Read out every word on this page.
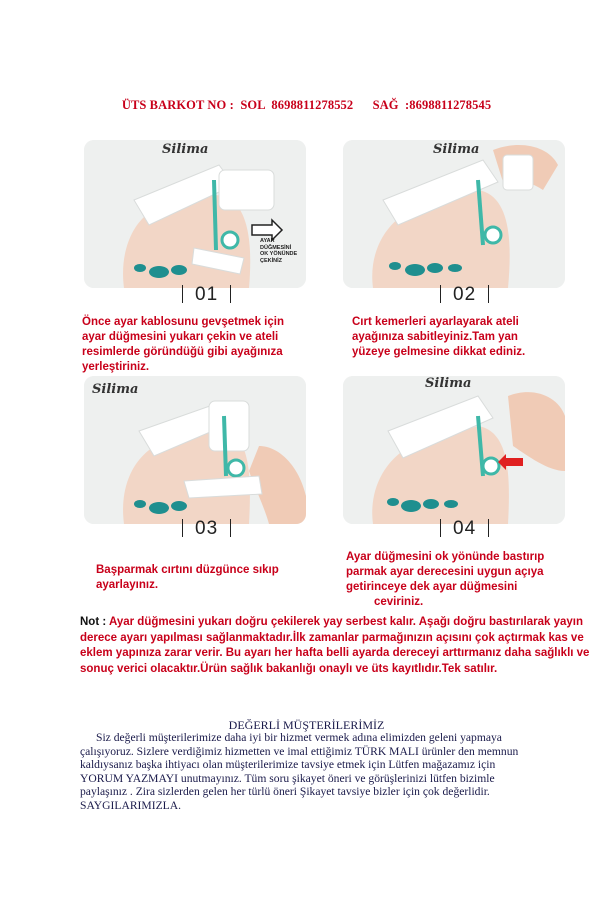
ÜTS BARKOT NO :  SOL  8698811278552      SAĞ  :8698811278545
Silima
AYAR
DÜĞMESİNİ
OK YÖNÜNDE
ÇEKİNİZ
Silima
01	02
Önce ayar kablosunu gevşetmek için
ayar düğmesini yukarı çekin ve ateli
resimlerde göründüğü gibi ayağınıza
yerleştiriniz.
Cırt kemerleri ayarlayarak ateli
ayağınıza sabitleyiniz.Tam yan
yüzeye gelmesine dikkat ediniz.
Silima	Silima
03	04
Başparmak cırtını düzgünce sıkıp
ayarlayınız.
Ayar düğmesini ok yönünde bastırıp
parmak ayar derecesini uygun açıya
getirinceye dek ayar düğmesini
ceviriniz.
Not : Ayar düğmesini yukarı doğru çekilerek yay serbest kalır. Aşağı doğru bastırılarak yayın derece ayarı yapılması sağlanmaktadır.İlk zamanlar parmağınızın açısını çok açtırmak kas ve eklem yapınıza zarar verir. Bu ayarı her hafta belli ayarda dereceyi arttırmanız daha sağlıklı ve sonuç verici olacaktır.Ürün sağlık bakanlığı onaylı ve üts kayıtlıdır.Tek satılır.
DEĞERLİ MÜŞTERİLERİMİZ

Siz değerli müşterilerimize daha iyi bir hizmet vermek adına elimizden geleni yapmaya

çalışıyoruz. Sizlere verdiğimiz hizmetten ve imal ettiğimiz TÜRK MALI ürünler den memnun

kaldıysanız başka ihtiyacı olan müşterilerimize tavsiye etmek için Lütfen mağazamız için

YORUM YAZMAYI unutmayınız. Tüm soru şikayet öneri ve görüşlerinizi lütfen bizimle

paylaşınız . Zira sizlerden gelen her türlü öneri Şikayet tavsiye bizler için çok değerlidir.

SAYGILARIMIZLA.
